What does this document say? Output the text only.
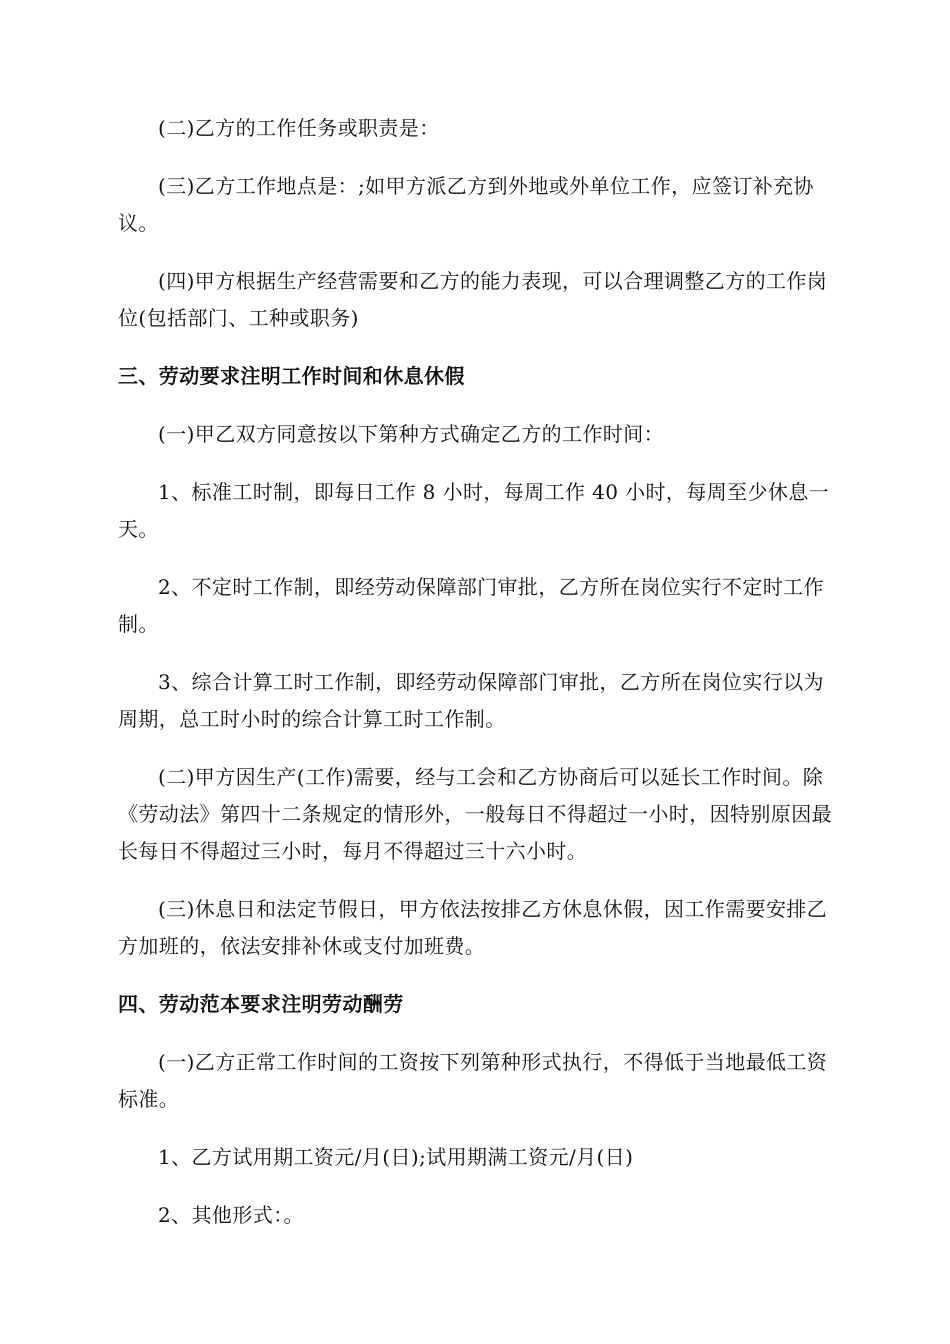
(二)乙方的工作任务或职责是：

(三)乙方工作地点是：;如甲方派乙方到外地或外单位工作，应签订补充协议。

(四)甲方根据生产经营需要和乙方的能力表现，可以合理调整乙方的工作岗位(包括部门、工种或职务)

三、劳动要求注明工作时间和休息休假

(一)甲乙双方同意按以下第种方式确定乙方的工作时间：

1、标准工时制，即每日工作 8 小时，每周工作 40 小时，每周至少休息一天。

2、不定时工作制，即经劳动保障部门审批，乙方所在岗位实行不定时工作制。

3、综合计算工时工作制，即经劳动保障部门审批，乙方所在岗位实行以为周期，总工时小时的综合计算工时工作制。

(二)甲方因生产(工作)需要，经与工会和乙方协商后可以延长工作时间。除《劳动法》第四十二条规定的情形外，一般每日不得超过一小时，因特别原因最长每日不得超过三小时，每月不得超过三十六小时。

(三)休息日和法定节假日，甲方依法按排乙方休息休假，因工作需要安排乙方加班的，依法安排补休或支付加班费。

四、劳动范本要求注明劳动酬劳

(一)乙方正常工作时间的工资按下列第种形式执行，不得低于当地最低工资标准。

1、乙方试用期工资元/月(日);试用期满工资元/月(日)

2、其他形式：。
